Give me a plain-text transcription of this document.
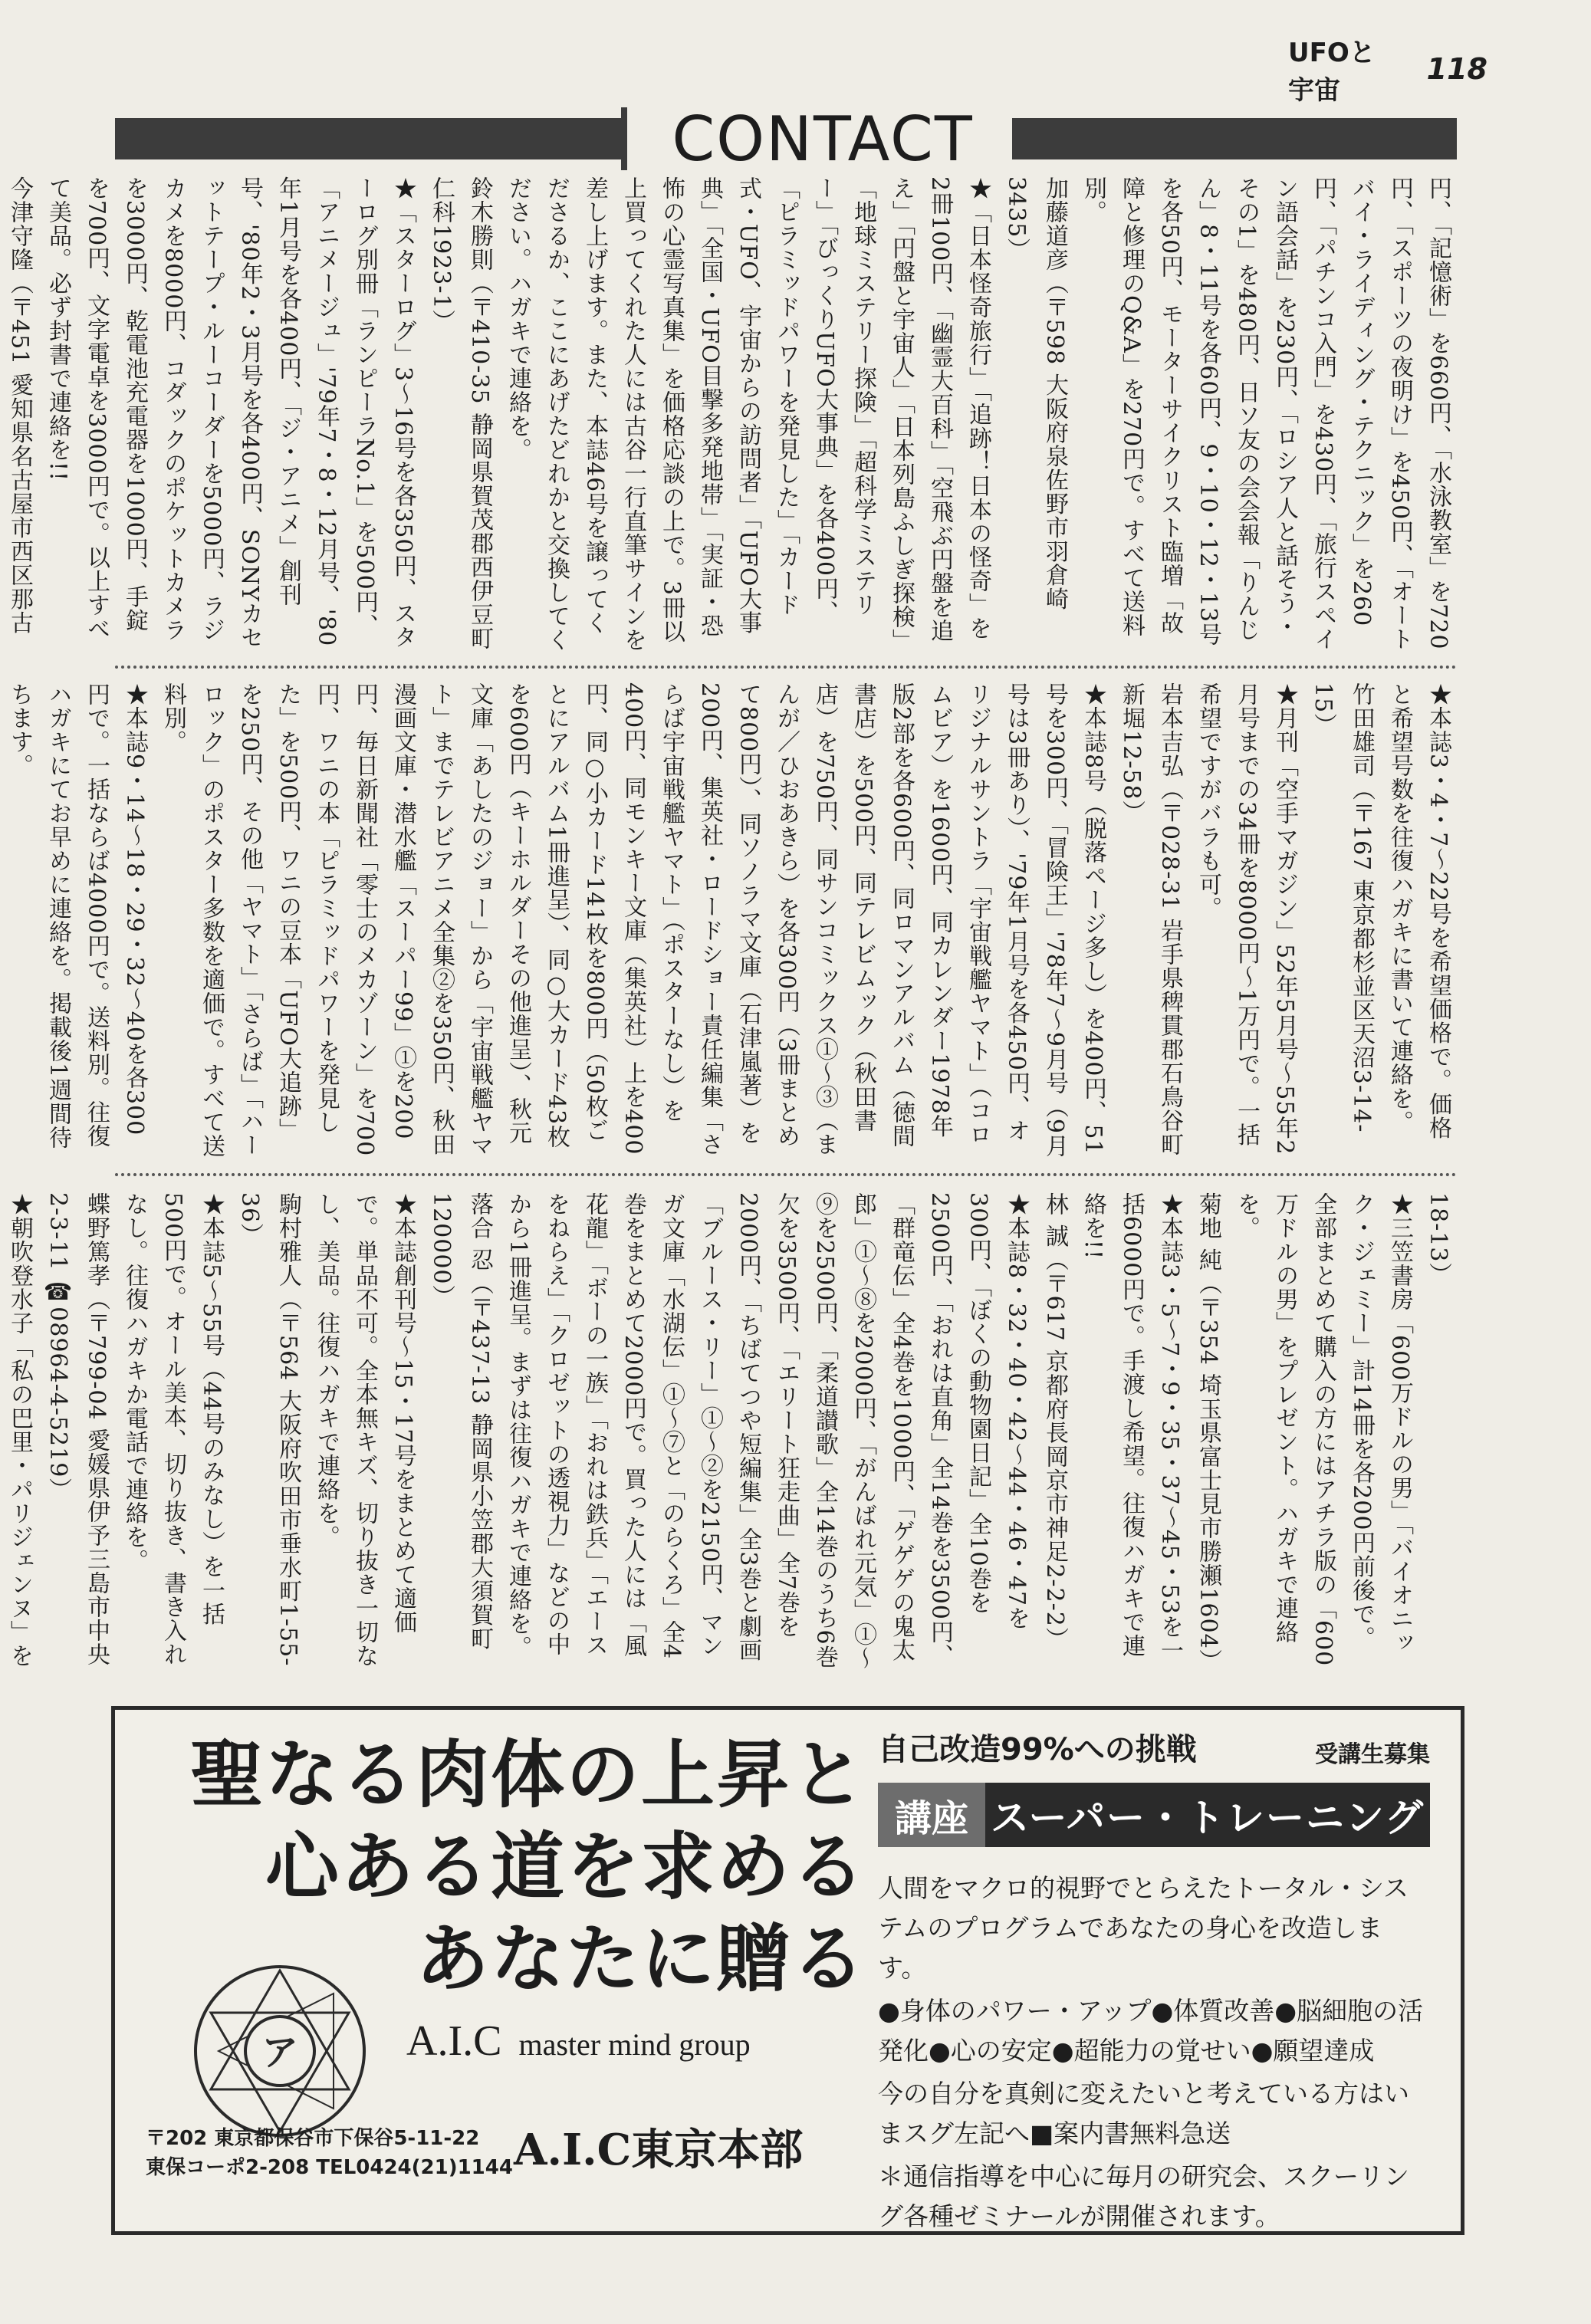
UFOと宇宙
118
CONTACT

円、「記憶術」を660円、「水泳教室」を720円、「スポーツの夜明け」を450円、「オートバイ・ライディング・テクニック」を260円、「パチンコ入門」を430円、「旅行スペイン語会話」を230円、「ロシア人と話そう・その1」を480円、日ソ友の会会報「りんじん」8・11号を各60円、9・10・12・13号を各50円、モーターサイクリスト臨増「故障と修理のQ&A」を270円で。すべて送料別。

加藤道彦（〒598 大阪府泉佐野市羽倉崎3435）

★「日本怪奇旅行」「追跡！日本の怪奇」を2冊100円、「幽霊大百科」「空飛ぶ円盤を追え」「円盤と宇宙人」「日本列島ふしぎ探検」「地球ミステリー探険」「超科学ミステリー」「びっくりUFO大事典」を各400円、「ピラミッドパワーを発見した」「カード式・UFO、宇宙からの訪問者」「UFO大事典」「全国・UFO目撃多発地帯」「実証・恐怖の心霊写真集」を価格応談の上で。3冊以上買ってくれた人には古谷一行直筆サインを差し上げます。また、本誌46号を譲ってくださるか、ここにあげたどれかと交換してください。ハガキで連絡を。

鈴木勝則（〒410-35 静岡県賀茂郡西伊豆町仁科1923-1）

★「スターログ」3〜16号を各350円、スターログ別冊「ランピーラNo.1」を500円、「アニメージュ」'79年7・8・12月号、'80年1月号を各400円、「ジ・アニメ」創刊号、'80年2・3月号を各400円、SONYカセットテープ・ルーコーダーを5000円、ラジカメを8000円、コダックのポケットカメラを3000円、乾電池充電器を1000円、手錠を700円、文字電卓を3000円で。以上すべて美品。必ず封書で連絡を!!

今津守隆（〒451 愛知県名古屋市西区那古

★本誌3・4・7〜22号を希望価格で。価格と希望号数を往復ハガキに書いて連絡を。

竹田雄司（〒167 東京都杉並区天沼3-14-15）

★月刊「空手マガジン」52年5月号〜55年2月号までの34冊を8000円〜1万円で。一括希望ですがバラも可。

岩本吉弘（〒028-31 岩手県稗貫郡石鳥谷町新堀12-58）

★本誌8号（脱落ページ多し）を400円、51号を300円、「冒険王」'78年7〜9月号（9月号は3冊あり）、'79年1月号を各450円、オリジナルサントラ「宇宙戦艦ヤマト」（コロムビア）を1600円、同カレンダー1978年版2部を各600円、同ロマンアルバム（徳間書店）を500円、同テレビムック（秋田書店）を750円、同サンコミックス①〜③（まんが／ひおあきら）を各300円（3冊まとめて800円）、同ソノラマ文庫（石津嵐著）を200円、集英社・ロードショー責任編集「さらば宇宙戦艦ヤマト」（ポスターなし）を400円、同モンキー文庫（集英社）上を400円、同○小カード141枚を800円（50枚ごとにアルバム1冊進呈）、同○大カード43枚を600円（キーホルダーその他進呈）、秋元文庫「あしたのジョー」から「宇宙戦艦ヤマト」までテレビアニメ全集②を350円、秋田漫画文庫・潜水艦「スーパー99」①を200円、毎日新聞社「零士のメカゾーン」を700円、ワニの本「ピラミッドパワーを発見した」を500円、ワニの豆本「UFO大追跡」を250円、その他「ヤマト」「さらば」「ハーロック」のポスター多数を適価で。すべて送料別。

★本誌9・14〜18・29・32〜40を各300円で。一括ならば4000円で。送料別。往復ハガキにてお早めに連絡を。掲載後1週間待ちます。

18-13）

★三笠書房「600万ドルの男」「バイオニック・ジェミー」計14冊を各200円前後で。全部まとめて購入の方にはアチラ版の「600万ドルの男」をプレゼント。ハガキで連絡を。

菊地 純（〒354 埼玉県富士見市勝瀬1604）

★本誌3・5〜7・9・35・37〜45・53を一括6000円で。手渡し希望。往復ハガキで連絡を!!

林 誠（〒617 京都府長岡京市神足2-2-2）

★本誌8・32・40・42〜44・46・47を300円、「ぼくの動物園日記」全10巻を2500円、「おれは直角」全14巻を3500円、「群竜伝」全4巻を1000円、「ゲゲゲの鬼太郎」①〜⑧を2000円、「がんばれ元気」①〜⑨を2500円、「柔道讃歌」全14巻のうち6巻欠を3500円、「エリート狂走曲」全7巻を2000円、「ちばてつや短編集」全3巻と劇画「ブルース・リー」①〜②を2150円、マンガ文庫「水湖伝」①〜⑦と「のらくろ」全4巻をまとめて2000円で。買った人には「風花龍」「ボーの一族」「おれは鉄兵」「エースをねらえ」「クロゼットの透視力」などの中から1冊進呈。まずは往復ハガキで連絡を。

落合 忍（〒437-13 静岡県小笠郡大須賀町120000）

★本誌創刊号〜15・17号をまとめて適価で。単品不可。全本無キズ、切り抜き一切なし、美品。往復ハガキで連絡を。

駒村雅人（〒564 大阪府吹田市垂水町1-55-36）

★本誌5〜55号（44号のみなし）を一括500円で。オール美本、切り抜き、書き入れなし。往復ハガキか電話で連絡を。

蝶野篤孝（〒799-04 愛媛県伊予三島市中央2-3-11 ☎08964-4-5219）

★朝吹登水子「私の巴里・パリジェンヌ」を

聖なる肉体の上昇と

心ある道を求める

あなたに贈る

ア	A.I.C master mind group
〒202 東京都保谷市下保谷5-11-22
東保コーポ2-208 TEL0424(21)1144 A.I.C東京本部
自己改造99%への挑戦	受講生募集
講座 スーパー・トレーニング

人間をマクロ的視野でとらえたトータル・システムのプログラムであなたの身心を改造します。

●身体のパワー・アップ●体質改善●脳細胞の活発化●心の安定●超能力の覚せい●願望達成

今の自分を真剣に変えたいと考えている方はいまスグ左記へ■案内書無料急送

＊通信指導を中心に毎月の研究会、スクーリング各種ゼミナールが開催されます。
